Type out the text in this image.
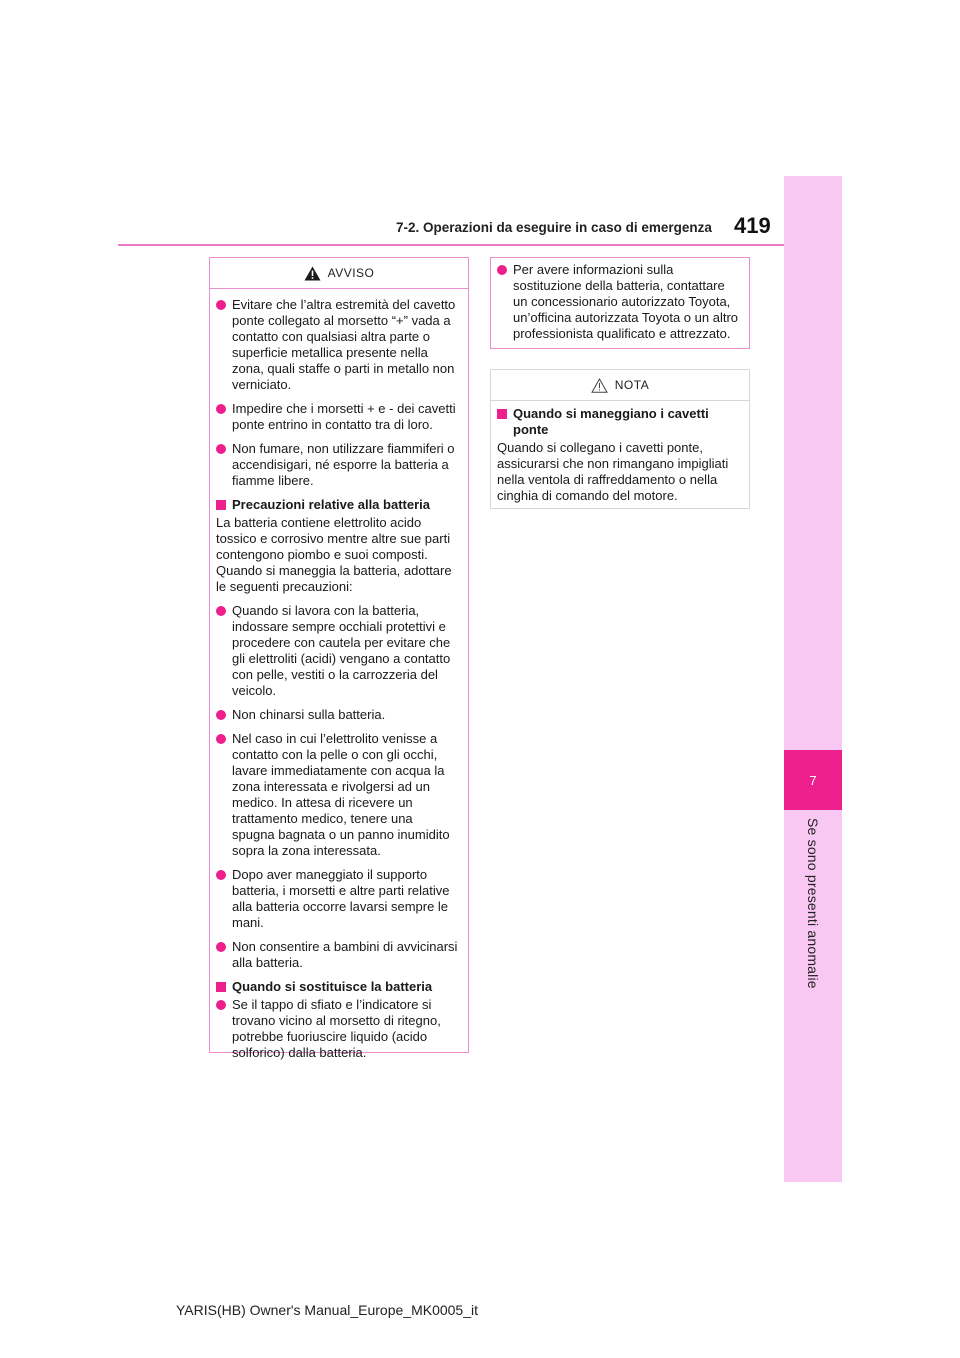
7
Se sono presenti anomalie
7-2. Operazioni da eseguire in caso di emergenza 419
AVVISO
Evitare che l’altra estremità del cavetto ponte collegato al morsetto “+” vada a contatto con qualsiasi altra parte o superficie metallica presente nella zona, quali staffe o parti in metallo non verniciato.
Impedire che i morsetti + e - dei cavetti ponte entrino in contatto tra di loro.
Non fumare, non utilizzare fiammiferi o accendisigari, né esporre la batteria a fiamme libere.
Precauzioni relative alla batteria
La batteria contiene elettrolito acido tossico e corrosivo mentre altre sue parti contengono piombo e suoi composti. Quando si maneggia la batteria, adottare le seguenti precauzioni:
Quando si lavora con la batteria, indossare sempre occhiali protettivi e procedere con cautela per evitare che gli elettroliti (acidi) vengano a contatto con pelle, vestiti o la carrozzeria del veicolo.
Non chinarsi sulla batteria.
Nel caso in cui l’elettrolito venisse a contatto con la pelle o con gli occhi, lavare immediatamente con acqua la zona interessata e rivolgersi ad un medico. In attesa di ricevere un trattamento medico, tenere una spugna bagnata o un panno inumidito sopra la zona interessata.
Dopo aver maneggiato il supporto batteria, i morsetti e altre parti relative alla batteria occorre lavarsi sempre le mani.
Non consentire a bambini di avvicinarsi alla batteria.
Quando si sostituisce la batteria
Se il tappo di sfiato e l’indicatore si trovano vicino al morsetto di ritegno, potrebbe fuoriuscire liquido (acido solforico) dalla batteria.
Per avere informazioni sulla sostituzione della batteria, contattare un concessionario autorizzato Toyota, un’officina autorizzata Toyota o un altro professionista qualificato e attrezzato.
NOTA
Quando si maneggiano i cavetti ponte
Quando si collegano i cavetti ponte, assicurarsi che non rimangano impigliati nella ventola di raffreddamento o nella cinghia di comando del motore.
YARIS(HB) Owner's Manual_Europe_MK0005_it
